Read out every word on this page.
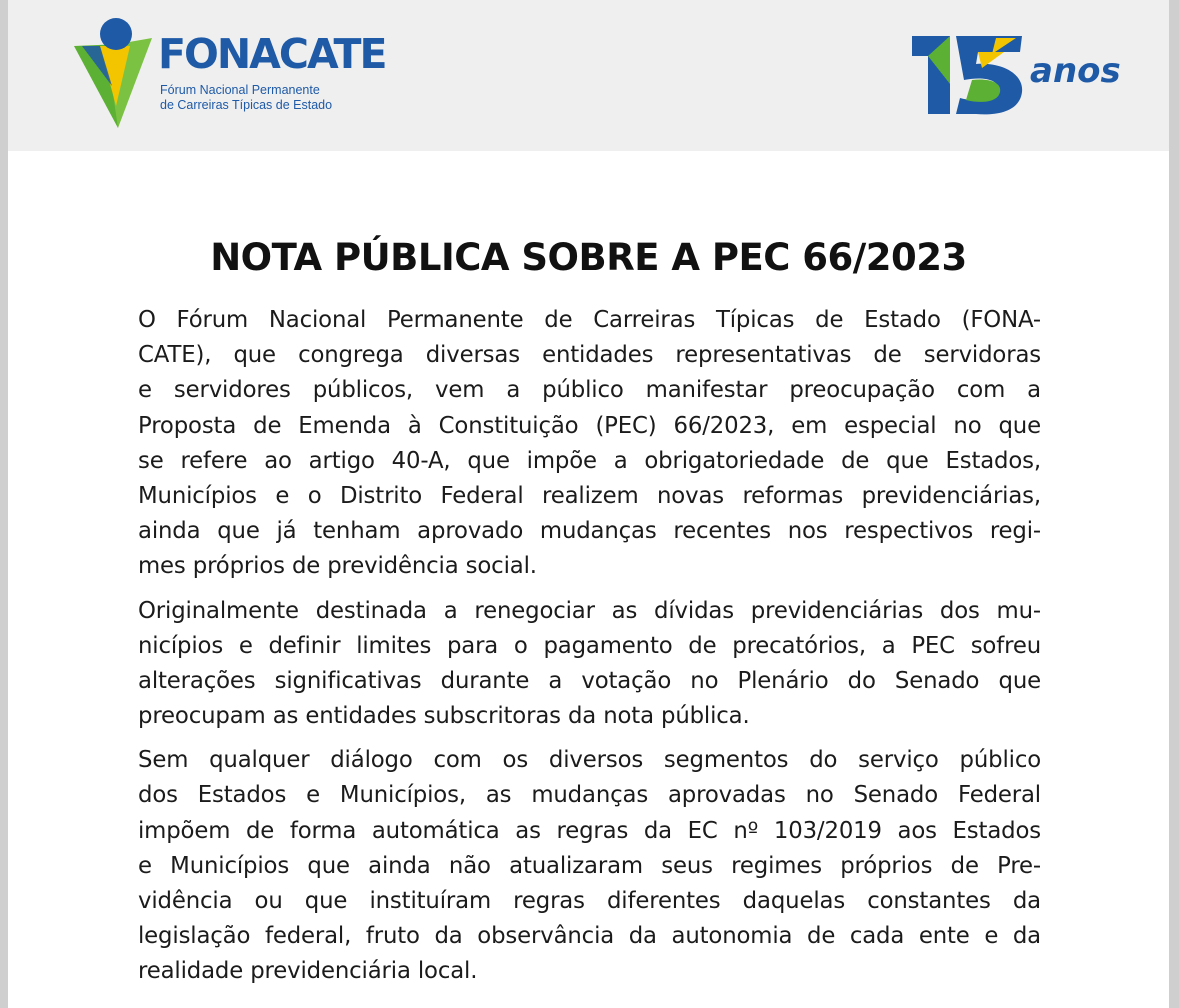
FONACATE
Fórum Nacional Permanente
de Carreiras Típicas de Estado
anos
NOTA PÚBLICA SOBRE A PEC 66/2023
O Fórum Nacional Permanente de Carreiras Típicas de Estado (FONA-
CATE), que congrega diversas entidades representativas de servidoras
e servidores públicos, vem a público manifestar preocupação com a
Proposta de Emenda à Constituição (PEC) 66/2023, em especial no que
se refere ao artigo 40-A, que impõe a obrigatoriedade de que Estados,
Municípios e o Distrito Federal realizem novas reformas previdenciárias,
ainda que já tenham aprovado mudanças recentes nos respectivos regi-
mes próprios de previdência social.
Originalmente destinada a renegociar as dívidas previdenciárias dos mu-
nicípios e definir limites para o pagamento de precatórios, a PEC sofreu
alterações significativas durante a votação no Plenário do Senado que
preocupam as entidades subscritoras da nota pública.
Sem qualquer diálogo com os diversos segmentos do serviço público
dos Estados e Municípios, as mudanças aprovadas no Senado Federal
impõem de forma automática as regras da EC nº 103/2019 aos Estados
e Municípios que ainda não atualizaram seus regimes próprios de Pre-
vidência ou que instituíram regras diferentes daquelas constantes da
legislação federal, fruto da observância da autonomia de cada ente e da
realidade previdenciária local.
